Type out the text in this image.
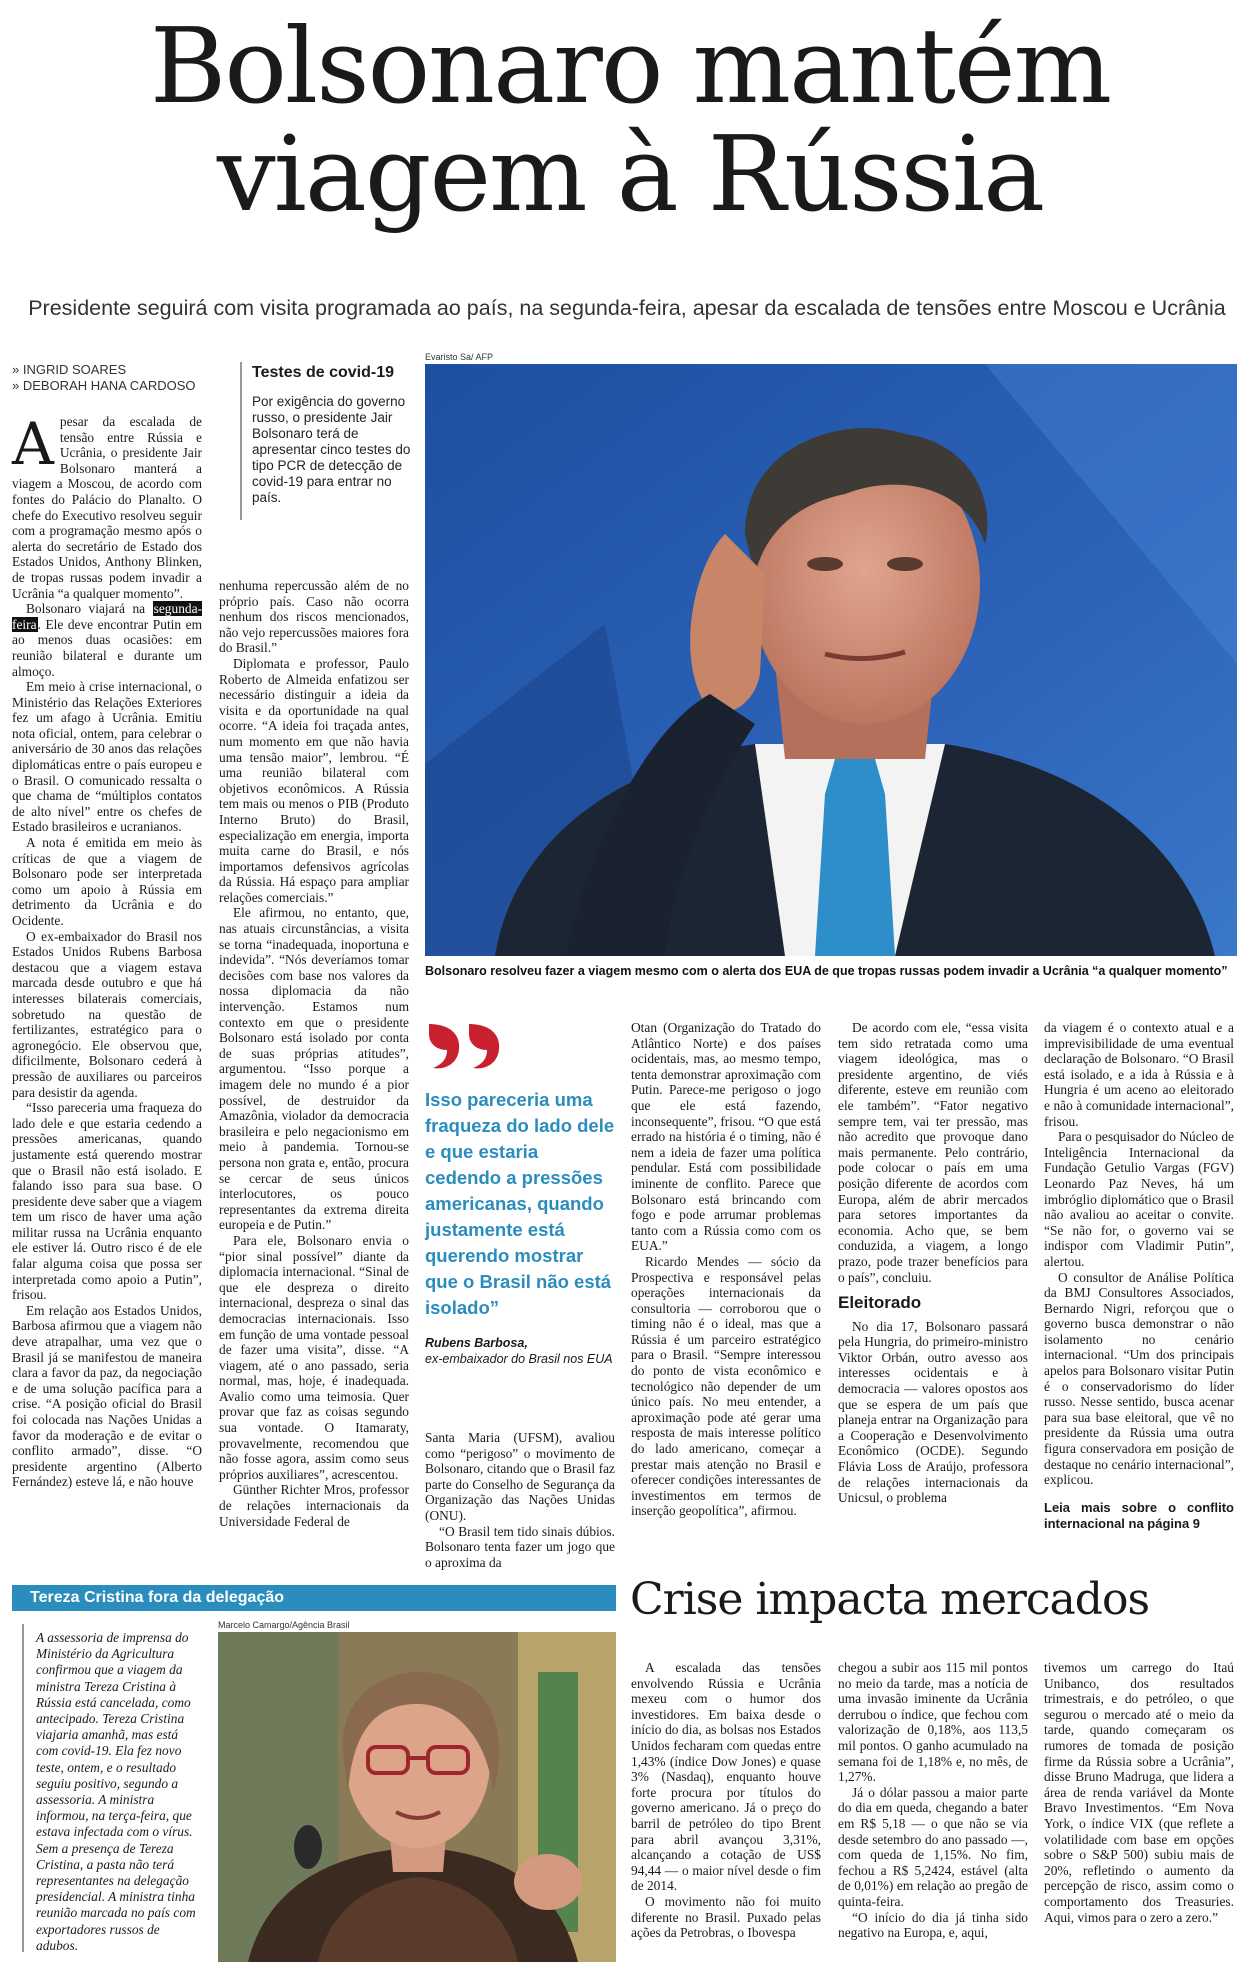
Bolsonaro mantém
viagem à Rússia
Presidente seguirá com visita programada ao país, na segunda-feira, apesar da escalada de tensões entre Moscou e Ucrânia
» INGRID SOARES
» DEBORAH HANA CARDOSO
Testes de covid-19
Por exigência do governo russo, o presidente Jair Bolsonaro terá de apresentar cinco testes do tipo PCR de detecção de covid-19 para entrar no país.
Evaristo Sa/ AFP
Bolsonaro resolveu fazer a viagem mesmo com o alerta dos EUA de que tropas russas podem invadir a Ucrânia “a qualquer momento”

Apesar da escalada de tensão entre Rússia e Ucrânia, o presidente Jair Bolsonaro manterá a viagem a Moscou, de acordo com fontes do Palácio do Planalto. O chefe do Executivo resolveu seguir com a programação mesmo após o alerta do secretário de Estado dos Estados Unidos, Anthony Blinken, de tropas russas podem invadir a Ucrânia “a qualquer momento”.

Bolsonaro viajará na segunda-feira. Ele deve encontrar Putin em ao menos duas ocasiões: em reunião bilateral e durante um almoço.

Em meio à crise internacional, o Ministério das Relações Exteriores fez um afago à Ucrânia. Emitiu nota oficial, ontem, para celebrar o aniversário de 30 anos das relações diplomáticas entre o país europeu e o Brasil. O comunicado ressalta o que chama de “múltiplos contatos de alto nível” entre os chefes de Estado brasileiros e ucranianos.

A nota é emitida em meio às críticas de que a viagem de Bolsonaro pode ser interpretada como um apoio à Rússia em detrimento da Ucrânia e do Ocidente.

O ex-embaixador do Brasil nos Estados Unidos Rubens Barbosa destacou que a viagem estava marcada desde outubro e que há interesses bilaterais comerciais, sobretudo na questão de fertilizantes, estratégico para o agronegócio. Ele observou que, dificilmente, Bolsonaro cederá à pressão de auxiliares ou parceiros para desistir da agenda.

“Isso pareceria uma fraqueza do lado dele e que estaria cedendo a pressões americanas, quando justamente está querendo mostrar que o Brasil não está isolado. E falando isso para sua base. O presidente deve saber que a viagem tem um risco de haver uma ação militar russa na Ucrânia enquanto ele estiver lá. Outro risco é de ele falar alguma coisa que possa ser interpretada como apoio a Putin”, frisou.

Em relação aos Estados Unidos, Barbosa afirmou que a viagem não deve atrapalhar, uma vez que o Brasil já se manifestou de maneira clara a favor da paz, da negociação e de uma solução pacífica para a crise. “A posição oficial do Brasil foi colocada nas Nações Unidas a favor da moderação e de evitar o conflito armado”, disse. “O presidente argentino (Alberto Fernández) esteve lá, e não houve

nenhuma repercussão além de no próprio país. Caso não ocorra nenhum dos riscos mencionados, não vejo repercussões maiores fora do Brasil.”

Diplomata e professor, Paulo Roberto de Almeida enfatizou ser necessário distinguir a ideia da visita e da oportunidade na qual ocorre. “A ideia foi traçada antes, num momento em que não havia uma tensão maior”, lembrou. “É uma reunião bilateral com objetivos econômicos. A Rússia tem mais ou menos o PIB (Produto Interno Bruto) do Brasil, especialização em energia, importa muita carne do Brasil, e nós importamos defensivos agrícolas da Rússia. Há espaço para ampliar relações comerciais.”

Ele afirmou, no entanto, que, nas atuais circunstâncias, a visita se torna “inadequada, inoportuna e indevida”. “Nós deveríamos tomar decisões com base nos valores da nossa diplomacia da não intervenção. Estamos num contexto em que o presidente Bolsonaro está isolado por conta de suas próprias atitudes”, argumentou. “Isso porque a imagem dele no mundo é a pior possível, de destruidor da Amazônia, violador da democracia brasileira e pelo negacionismo em meio à pandemia. Tornou-se persona non grata e, então, procura se cercar de seus únicos interlocutores, os pouco representantes da extrema direita europeia e de Putin.”

Para ele, Bolsonaro envia o “pior sinal possível” diante da diplomacia internacional. “Sinal de que ele despreza o direito internacional, despreza o sinal das democracias internacionais. Isso em função de uma vontade pessoal de fazer uma visita”, disse. “A viagem, até o ano passado, seria normal, mas, hoje, é inadequada. Avalio como uma teimosia. Quer provar que faz as coisas segundo sua vontade. O Itamaraty, provavelmente, recomendou que não fosse agora, assim como seus próprios auxiliares”, acrescentou.

Günther Richter Mros, professor de relações internacionais da Universidade Federal de

Isso pareceria uma fraqueza do lado dele e que estaria cedendo a pressões americanas, quando justamente está querendo mostrar que o Brasil não está isolado”
Rubens Barbosa,
ex-embaixador do Brasil nos EUA

Santa Maria (UFSM), avaliou como “perigoso” o movimento de Bolsonaro, citando que o Brasil faz parte do Conselho de Segurança da Organização das Nações Unidas (ONU).

“O Brasil tem tido sinais dúbios. Bolsonaro tenta fazer um jogo que o aproxima da

Otan (Organização do Tratado do Atlântico Norte) e dos países ocidentais, mas, ao mesmo tempo, tenta demonstrar aproximação com Putin. Parece-me perigoso o jogo que ele está fazendo, inconsequente”, frisou. “O que está errado na história é o timing, não é nem a ideia de fazer uma política pendular. Está com possibilidade iminente de conflito. Parece que Bolsonaro está brincando com fogo e pode arrumar problemas tanto com a Rússia como com os EUA.”

Ricardo Mendes — sócio da Prospectiva e responsável pelas operações internacionais da consultoria — corroborou que o timing não é o ideal, mas que a Rússia é um parceiro estratégico para o Brasil. “Sempre interessou do ponto de vista econômico e tecnológico não depender de um único país. No meu entender, a aproximação pode até gerar uma resposta de mais interesse político do lado americano, começar a prestar mais atenção no Brasil e oferecer condições interessantes de investimentos em termos de inserção geopolítica”, afirmou.

De acordo com ele, “essa visita tem sido retratada como uma viagem ideológica, mas o presidente argentino, de viés diferente, esteve em reunião com ele também”. “Fator negativo sempre tem, vai ter pressão, mas não acredito que provoque dano mais permanente. Pelo contrário, pode colocar o país em uma posição diferente de acordos com Europa, além de abrir mercados para setores importantes da economia. Acho que, se bem conduzida, a viagem, a longo prazo, pode trazer benefícios para o país”, concluiu.

Eleitorado

No dia 17, Bolsonaro passará pela Hungria, do primeiro-ministro Viktor Orbán, outro avesso aos interesses ocidentais e à democracia — valores opostos aos que se espera de um país que planeja entrar na Organização para a Cooperação e Desenvolvimento Econômico (OCDE). Segundo Flávia Loss de Araújo, professora de relações internacionais da Unicsul, o problema

da viagem é o contexto atual e a imprevisibilidade de uma eventual declaração de Bolsonaro. “O Brasil está isolado, e a ida à Rússia e à Hungria é um aceno ao eleitorado e não à comunidade internacional”, frisou.

Para o pesquisador do Núcleo de Inteligência Internacional da Fundação Getulio Vargas (FGV) Leonardo Paz Neves, há um imbróglio diplomático que o Brasil não avaliou ao aceitar o convite. “Se não for, o governo vai se indispor com Vladimir Putin”, alertou.

O consultor de Análise Política da BMJ Consultores Associados, Bernardo Nigri, reforçou que o governo busca demonstrar o não isolamento no cenário internacional. “Um dos principais apelos para Bolsonaro visitar Putin é o conservadorismo do líder russo. Nesse sentido, busca acenar para sua base eleitoral, que vê no presidente da Rússia uma outra figura conservadora em posição de destaque no cenário internacional”, explicou.

Leia mais sobre o conflito internacional na página 9
Tereza Cristina fora da delegação
A assessoria de imprensa do Ministério da Agricultura confirmou que a viagem da ministra Tereza Cristina à Rússia está cancelada, como antecipado. Tereza Cristina viajaria amanhã, mas está com covid-19. Ela fez novo teste, ontem, e o resultado seguiu positivo, segundo a assessoria. A ministra informou, na terça-feira, que estava infectada com o vírus. Sem a presença de Tereza Cristina, a pasta não terá representantes na delegação presidencial. A ministra tinha reunião marcada no país com exportadores russos de adubos.
Marcelo Camargo/Agência Brasil	Crise impacta mercados

A escalada das tensões envolvendo Rússia e Ucrânia mexeu com o humor dos investidores. Em baixa desde o início do dia, as bolsas nos Estados Unidos fecharam com quedas entre 1,43% (índice Dow Jones) e quase 3% (Nasdaq), enquanto houve forte procura por títulos do governo americano. Já o preço do barril de petróleo do tipo Brent para abril avançou 3,31%, alcançando a cotação de US$ 94,44 — o maior nível desde o fim de 2014.

O movimento não foi muito diferente no Brasil. Puxado pelas ações da Petrobras, o Ibovespa

chegou a subir aos 115 mil pontos no meio da tarde, mas a notícia de uma invasão iminente da Ucrânia derrubou o índice, que fechou com valorização de 0,18%, aos 113,5 mil pontos. O ganho acumulado na semana foi de 1,18% e, no mês, de 1,27%.

Já o dólar passou a maior parte do dia em queda, chegando a bater em R$ 5,18 — o que não se via desde setembro do ano passado —, com queda de 1,15%. No fim, fechou a R$ 5,2424, estável (alta de 0,01%) em relação ao pregão de quinta-feira.

“O início do dia já tinha sido negativo na Europa, e, aqui,

tivemos um carrego do Itaú Unibanco, dos resultados trimestrais, e do petróleo, o que segurou o mercado até o meio da tarde, quando começaram os rumores de tomada de posição firme da Rússia sobre a Ucrânia”, disse Bruno Madruga, que lidera a área de renda variável da Monte Bravo Investimentos. “Em Nova York, o índice VIX (que reflete a volatilidade com base em opções sobre o S&P 500) subiu mais de 20%, refletindo o aumento da percepção de risco, assim como o comportamento dos Treasuries. Aqui, vimos para o zero a zero.”
